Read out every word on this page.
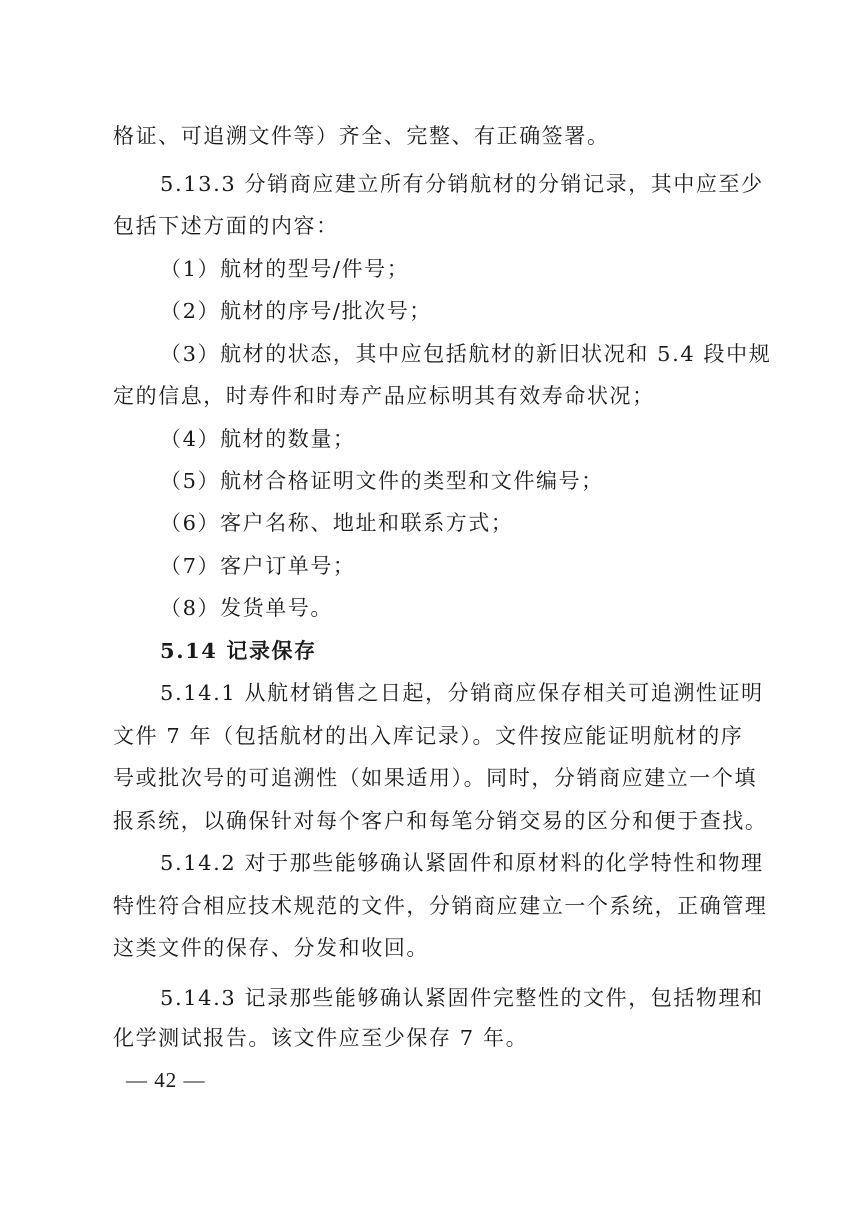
格证、可追溯文件等）齐全、完整、有正确签署。
5.13.3 分销商应建立所有分销航材的分销记录，其中应至少
包括下述方面的内容：
（1）航材的型号/件号；
（2）航材的序号/批次号；
（3）航材的状态，其中应包括航材的新旧状况和 5.4 段中规
定的信息，时寿件和时寿产品应标明其有效寿命状况；
（4）航材的数量；
（5）航材合格证明文件的类型和文件编号；
（6）客户名称、地址和联系方式；
（7）客户订单号；
（8）发货单号。
5.14 记录保存
5.14.1 从航材销售之日起，分销商应保存相关可追溯性证明
文件 7 年（包括航材的出入库记录）。文件按应能证明航材的序
号或批次号的可追溯性（如果适用）。同时，分销商应建立一个填
报系统，以确保针对每个客户和每笔分销交易的区分和便于查找。
5.14.2 对于那些能够确认紧固件和原材料的化学特性和物理
特性符合相应技术规范的文件，分销商应建立一个系统，正确管理
这类文件的保存、分发和收回。
5.14.3 记录那些能够确认紧固件完整性的文件，包括物理和
化学测试报告。该文件应至少保存 7 年。
— 42 —
